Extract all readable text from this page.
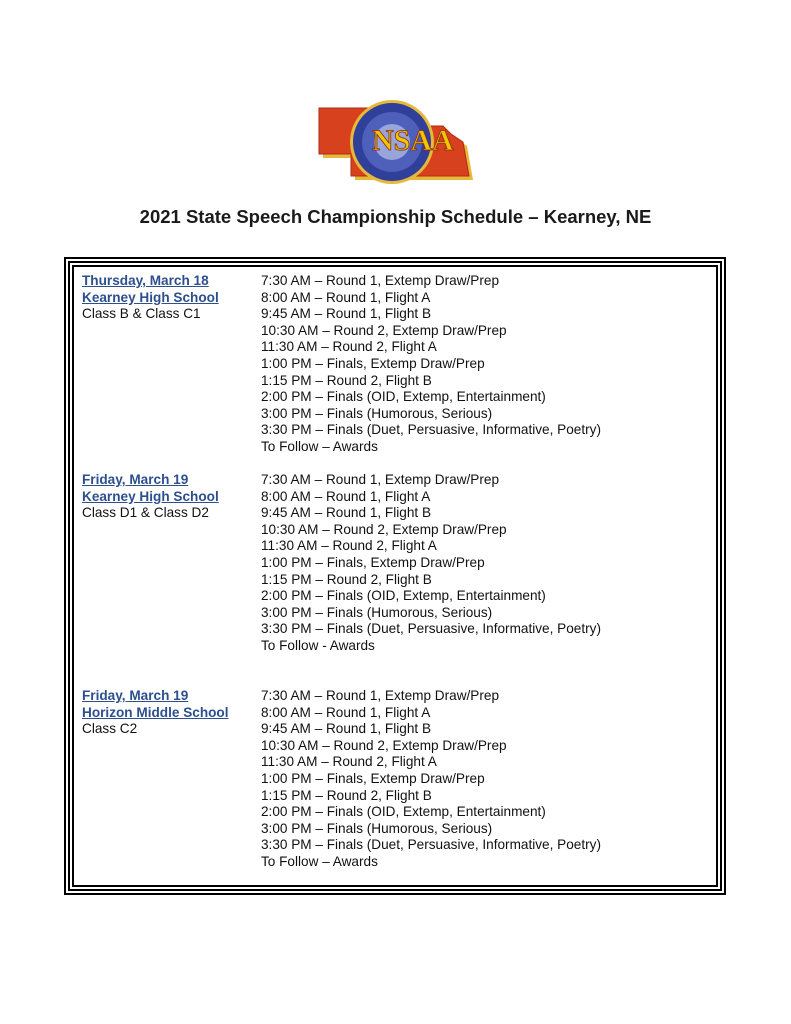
NSAA
2021 State Speech Championship Schedule – Kearney, NE
Thursday, March 18
Kearney High School
Class B & Class C1
7:30 AM – Round 1, Extemp Draw/Prep
8:00 AM – Round 1, Flight A
9:45 AM – Round 1, Flight B
10:30 AM – Round 2, Extemp Draw/Prep
11:30 AM – Round 2, Flight A
1:00 PM – Finals, Extemp Draw/Prep
1:15 PM – Round 2, Flight B
2:00 PM – Finals (OID, Extemp, Entertainment)
3:00 PM – Finals (Humorous, Serious)
3:30 PM – Finals (Duet, Persuasive, Informative, Poetry)
To Follow – Awards
Friday, March 19
Kearney High School
Class D1 & Class D2
7:30 AM – Round 1, Extemp Draw/Prep
8:00 AM – Round 1, Flight A
9:45 AM – Round 1, Flight B
10:30 AM – Round 2, Extemp Draw/Prep
11:30 AM – Round 2, Flight A
1:00 PM – Finals, Extemp Draw/Prep
1:15 PM – Round 2, Flight B
2:00 PM – Finals (OID, Extemp, Entertainment)
3:00 PM – Finals (Humorous, Serious)
3:30 PM – Finals (Duet, Persuasive, Informative, Poetry)
To Follow - Awards
Friday, March 19
Horizon Middle School
Class C2
7:30 AM – Round 1, Extemp Draw/Prep
8:00 AM – Round 1, Flight A
9:45 AM – Round 1, Flight B
10:30 AM – Round 2, Extemp Draw/Prep
11:30 AM – Round 2, Flight A
1:00 PM – Finals, Extemp Draw/Prep
1:15 PM – Round 2, Flight B
2:00 PM – Finals (OID, Extemp, Entertainment)
3:00 PM – Finals (Humorous, Serious)
3:30 PM – Finals (Duet, Persuasive, Informative, Poetry)
To Follow – Awards
